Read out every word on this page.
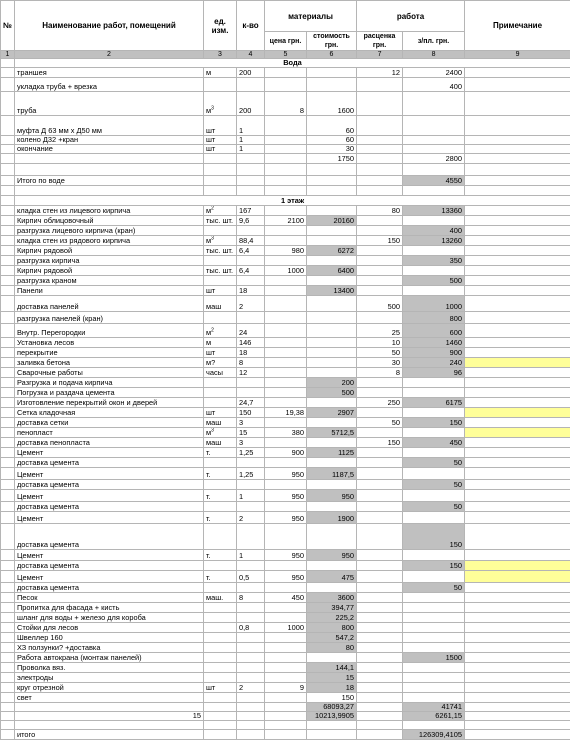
№	Наименование работ, помещений	ед. изм.	к-во	материалы		работа		Примечание
				цена грн.	стоимость грн.	расценка грн.	з/пл. грн.	
1	2	3	4	5	6	7	8	9
	Вода							
	траншея	м	200			12	2400	
	укладка труба + врезка						400	
	труба	$м^3$	200	8	1600			
	муфта Д 63 мм х Д50 мм	шт	1		60			
	колено Д32 +кран	шт	1		60			
	окончание	шт	1		30			
					1750		2800	

	Итого по воде						4550	

	1 этаж							
	кладка стен из лицевого кирпича	$м^2$	167			80	13360	
	Кирпич облицовочный	тыс. шт.	9,6	2100	20160			
	разгрузка лицевого кирпича (кран)						400	
	кладка стен из рядового кирпича	$м^3$	88,4			150	13260	
	Кирпич рядовой	тыс. шт.	6,4	980	6272			
	разгрузка кирпича						350	
	Кирпич рядовой	тыс. шт.	6,4	1000	6400			
	разгрузка краном						500	
	Панели	шт	18		13400			
	доставка панелей	маш	2			500	1000	
	разгрузка панелей (кран)						800	
	Внутр. Перегородки	$м^2$	24			25	600	
	Установка лесов	м	146			10	1460	
	перекрытие	шт	18			50	900	
	заливка бетона	м?	8			30	240	
	Сварочные работы	часы	12			8	96	
	Разгрузка и подача кирпича				200			
	Погрузка и раздача цемента				500			
	Изготовление перекрытий окон и дверей		24,7			250	6175	
	Сетка кладочная	шт	150	19,38	2907			
	доставка сетки	маш	3			50	150	
	пенопласт	$м^3$	15	380	5712,5			
	доставка пенопласта	маш	3			150	450	
	Цемент	т.	1,25	900	1125			
	доставка цемента						50	
	Цемент	т.	1,25	950	1187,5			
	доставка цемента						50	
	Цемент	т.	1	950	950			
	доставка цемента						50	
	Цемент	т.	2	950	1900			
	доставка цемента						150	
	Цемент	т.	1	950	950			
	доставка цемента						150	
	Цемент	т.	0,5	950	475			
	доставка цемента						50	
	Песок	маш.	8	450	3600			
	Пропитка для фасада + кисть				394,77			
	шланг для воды + железо для короба				225,2			
	Стойки для лесов		0,8	1000	800			
	Швеллер 160				547,2			
	ХЗ ползунки? +доставка				80			
	Работа автокрана (монтаж панелей)						1500	
	Проволка вяз.				144,1			
	электроды				15			
	круг отрезной	шт	2	9	18			
	свет				150			
					68093,27		41741	
	15				10213,9905		6261,15	

	итого						126309,4105	
